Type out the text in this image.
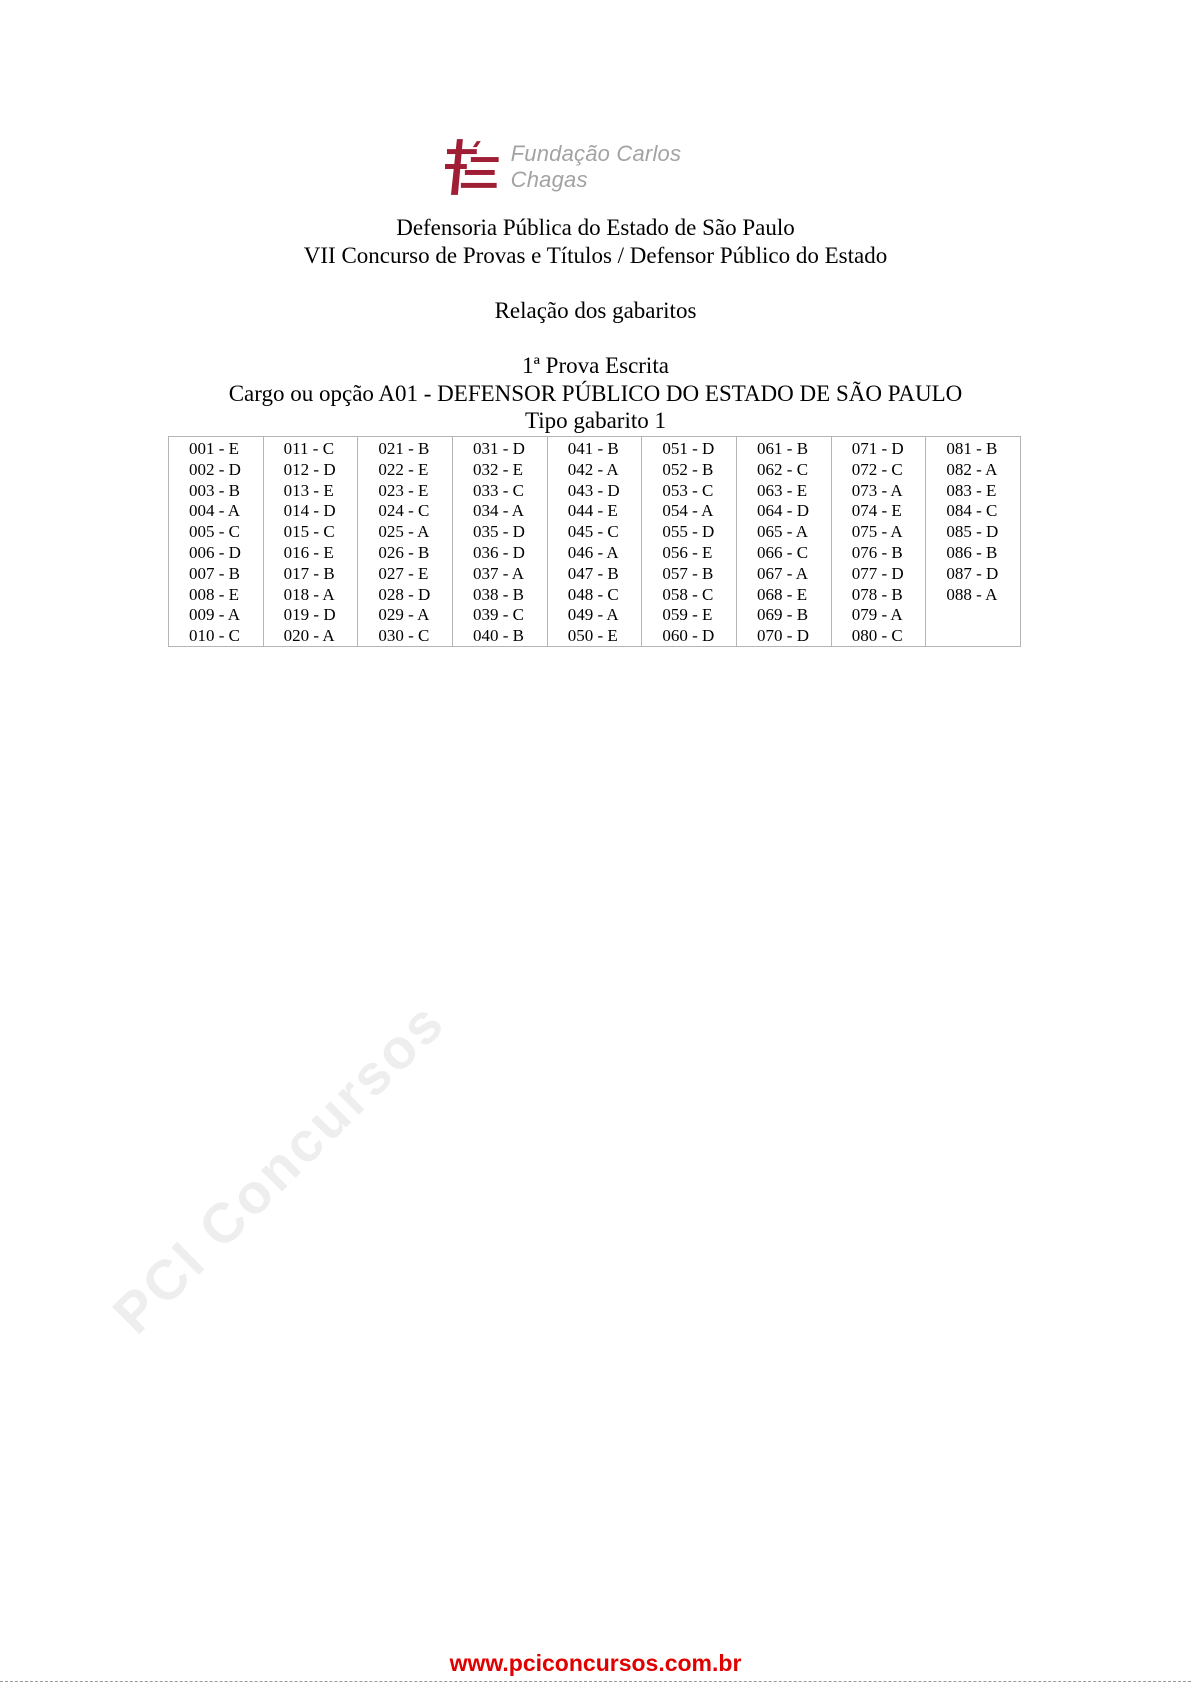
Fundação Carlos Chagas
Defensoria Pública do Estado de São Paulo
VII Concurso de Provas e Títulos / Defensor Público do Estado
Relação dos gabaritos
1ª Prova Escrita
Cargo ou opção A01 - DEFENSOR PÚBLICO DO ESTADO DE SÃO PAULO
Tipo gabarito 1
001 - E
002 - D
003 - B
004 - A
005 - C
006 - D
007 - B
008 - E
009 - A
010 - C
011 - C
012 - D
013 - E
014 - D
015 - C
016 - E
017 - B
018 - A
019 - D
020 - A
021 - B
022 - E
023 - E
024 - C
025 - A
026 - B
027 - E
028 - D
029 - A
030 - C
031 - D
032 - E
033 - C
034 - A
035 - D
036 - D
037 - A
038 - B
039 - C
040 - B
041 - B
042 - A
043 - D
044 - E
045 - C
046 - A
047 - B
048 - C
049 - A
050 - E
051 - D
052 - B
053 - C
054 - A
055 - D
056 - E
057 - B
058 - C
059 - E
060 - D
061 - B
062 - C
063 - E
064 - D
065 - A
066 - C
067 - A
068 - E
069 - B
070 - D
071 - D
072 - C
073 - A
074 - E
075 - A
076 - B
077 - D
078 - B
079 - A
080 - C
081 - B
082 - A
083 - E
084 - C
085 - D
086 - B
087 - D
088 - A
PCI Concursos
www.pciconcursos.com.br
